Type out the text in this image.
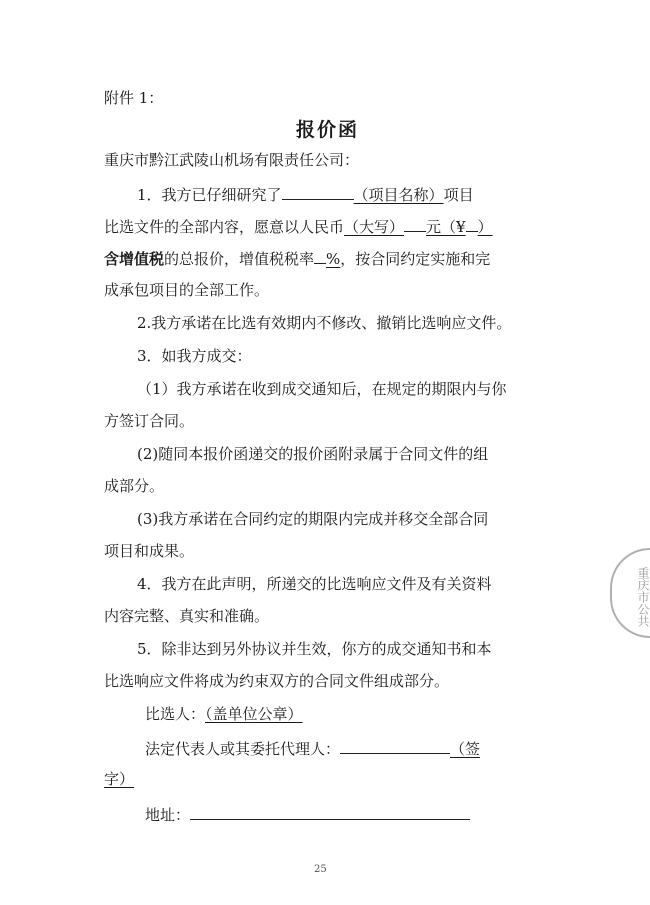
附件 1：
报价函
重庆市黔江武陵山机场有限责任公司：
1．我方已仔细研究了	（项目名称）项目
比选文件的全部内容，愿意以人民币（大写） 元（¥ ）
含增值税的总报价，增值税税率 %，按合同约定实施和完
成承包项目的全部工作。
2.我方承诺在比选有效期内不修改、撤销比选响应文件。
3．如我方成交：
（1）我方承诺在收到成交通知后，在规定的期限内与你
方签订合同。
(2)随同本报价函递交的报价函附录属于合同文件的组
成部分。
(3)我方承诺在合同约定的期限内完成并移交全部合同
项目和成果。
4．我方在此声明，所递交的比选响应文件及有关资料
内容完整、真实和准确。
5．除非达到另外协议并生效，你方的成交通知书和本
比选响应文件将成为约束双方的合同文件组成部分。
比选人：（盖单位公章）
法定代表人或其委托代理人：	（签
字）
地址：
25
重庆市公共
